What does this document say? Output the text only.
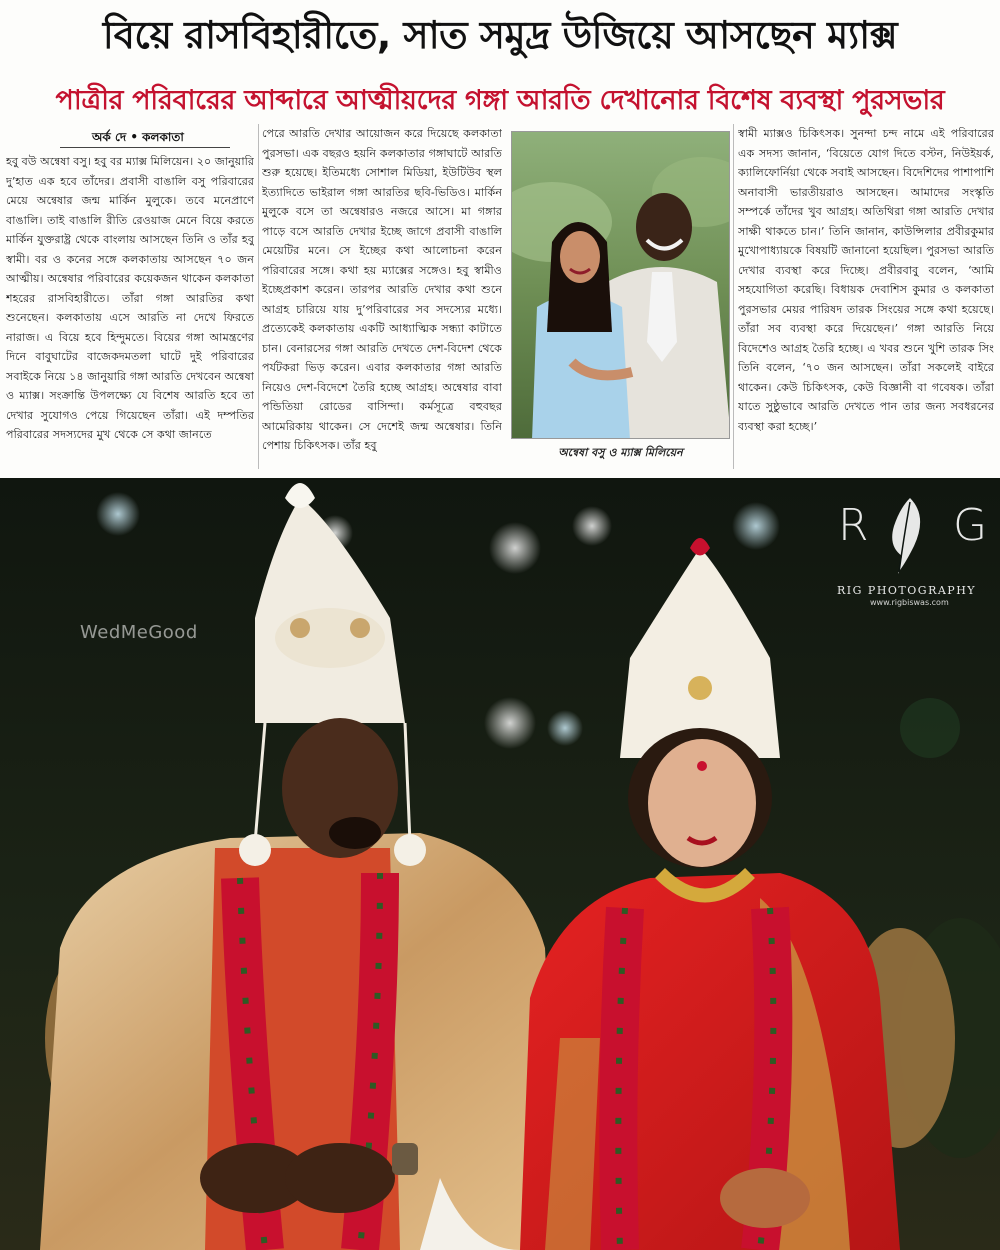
বিয়ে রাসবিহারীতে, সাত সমুদ্র উজিয়ে আসছেন ম্যাক্স
পাত্রীর পরিবারের আব্দারে আত্মীয়দের গঙ্গা আরতি দেখানোর বিশেষ ব্যবস্থা পুরসভার
অর্ক দে • কলকাতা
হবু বউ অন্বেষা বসু। হবু বর ম্যাক্স মিলিয়েন। ২০ জানুয়ারি দু’হাত এক হবে তাঁদের। প্রবাসী বাঙালি বসু পরিবারের মেয়ে অন্বেষার জন্ম মার্কিন মুলুকে। তবে মনেপ্রাণে বাঙালি। তাই বাঙালি রীতি রেওয়াজ মেনে বিয়ে করতে মার্কিন যুক্তরাষ্ট্র থেকে বাংলায় আসছেন তিনি ও তাঁর হবু স্বামী। বর ও কনের সঙ্গে কলকাতায় আসছেন ৭০ জন আত্মীয়। অন্বেষার পরিবারের কয়েকজন থাকেন কলকাতা শহরের রাসবিহারীতে। তাঁরা গঙ্গা আরতির কথা শুনেছেন। কলকাতায় এসে আরতি না দেখে ফিরতে নারাজ। এ বিয়ে হবে হিন্দুমতে। বিয়ের গঙ্গা আমন্ত্রণের দিনে বাবুঘাটের বাজেকদমতলা ঘাটে দুই পরিবারের সবাইকে নিয়ে ১৪ জানুয়ারি গঙ্গা আরতি দেখবেন অন্বেষা ও ম্যাক্স। সংক্রান্তি উপলক্ষ্যে যে বিশেষ আরতি হবে তা দেখার সুযোগও পেয়ে গিয়েছেন তাঁরা। এই দম্পতির পরিবারের সদস্যদের মুখ থেকে সে কথা জানতে
পেরে আরতি দেখার আয়োজন করে দিয়েছে কলকাতা পুরসভা। এক বছরও হয়নি কলকাতার গঙ্গাঘাটে আরতি শুরু হয়েছে। ইতিমধ্যে সোশাল মিডিয়া, ইউটিউব স্থল ইত্যাদিতে ভাইরাল গঙ্গা আরতির ছবি-ভিডিও। মার্কিন মুলুকে বসে তা অন্বেষারও নজরে আসে। মা গঙ্গার পাড়ে বসে আরতি দেখার ইচ্ছে জাগে প্রবাসী বাঙালি মেয়েটির মনে। সে ইচ্ছের কথা আলোচনা করেন পরিবারের সঙ্গে। কথা হয় ম্যাক্সের সঙ্গেও। হবু স্বামীও ইচ্ছেপ্রকাশ করেন। তারপর আরতি দেখার কথা শুনে আগ্রহ চারিয়ে যায় দু’পরিবারের সব সদস্যের মধ্যে। প্রত্যেকেই কলকাতায় একটি আধ্যাত্মিক সন্ধ্যা কাটাতে চান। বেনারসের গঙ্গা আরতি দেখতে দেশ-বিদেশ থেকে পর্যটকরা ভিড় করেন। এবার কলকাতার গঙ্গা আরতি নিয়েও দেশ-বিদেশে তৈরি হচ্ছে আগ্রহ। অন্বেষার বাবা পন্ডিতিয়া রোডের বাসিন্দা। কর্মসূত্রে বহুবছর আমেরিকায় থাকেন। সে দেশেই জন্ম অন্বেষার। তিনি পেশায় চিকিৎসক। তাঁর হবু
স্বামী ম্যাক্সও চিকিৎসক। সুনন্দা চন্দ নামে এই পরিবারের এক সদস্য জানান, ‘বিয়েতে যোগ দিতে বস্টন, নিউইয়র্ক, ক্যালিফোর্নিয়া থেকে সবাই আসছেন। বিদেশিদের পাশাপাশি অনাবাসী ভারতীয়রাও আসছেন। আমাদের সংস্কৃতি সম্পর্কে তাঁদের খুব আগ্রহ। অতিথিরা গঙ্গা আরতি দেখার সাক্ষী থাকতে চান।’ তিনি জানান, কাউন্সিলার প্রবীরকুমার মুখোপাধ্যায়কে বিষয়টি জানানো হয়েছিল। পুরসভা আরতি দেখার ব্যবস্থা করে দিচ্ছে। প্রবীরবাবু বলেন, ‘আমি সহযোগিতা করেছি। বিধায়ক দেবাশিস কুমার ও কলকাতা পুরসভার মেয়র পারিষদ তারক সিংয়ের সঙ্গে কথা হয়েছে। তাঁরা সব ব্যবস্থা করে দিয়েছেন।’ গঙ্গা আরতি নিয়ে বিদেশেও আগ্রহ তৈরি হচ্ছে। এ খবর শুনে খুশি তারক সিং তিনি বলেন, ‘৭০ জন আসছেন। তাঁরা সকলেই বাইরে থাকেন। কেউ চিকিৎসক, কেউ বিজ্ঞানী বা গবেষক। তাঁরা যাতে সুষ্ঠুভাবে আরতি দেখতে পান তার জন্য সবধরনের ব্যবস্থা করা হচ্ছে।’
অন্বেষা বসু ও ম্যাক্স মিলিয়েন
WedMeGood
R G
RIG PHOTOGRAPHY
www.rigbiswas.com
